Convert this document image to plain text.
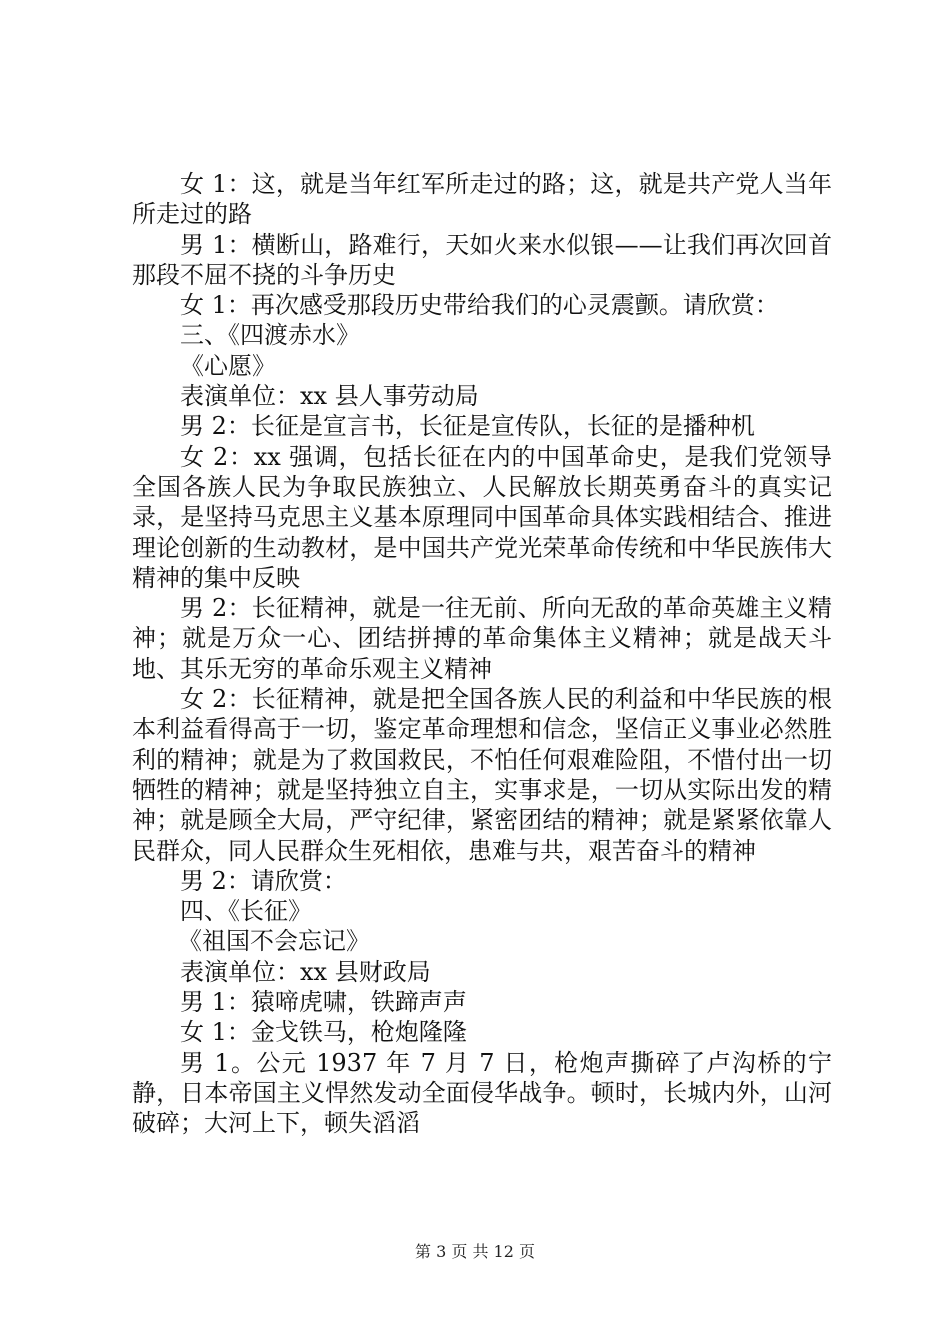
女 1：这，就是当年红军所走过的路；这，就是共产党人当年所走过的路

男 1：横断山，路难行，天如火来水似银——让我们再次回首那段不屈不挠的斗争历史

女 1：再次感受那段历史带给我们的心灵震颤。请欣赏：

三、《四渡赤水》

《心愿》

表演单位：xx 县人事劳动局

男 2：长征是宣言书，长征是宣传队，长征的是播种机

女 2：xx 强调，包括长征在内的中国革命史，是我们党领导全国各族人民为争取民族独立、人民解放长期英勇奋斗的真实记录，是坚持马克思主义基本原理同中国革命具体实践相结合、推进理论创新的生动教材，是中国共产党光荣革命传统和中华民族伟大精神的集中反映

男 2：长征精神，就是一往无前、所向无敌的革命英雄主义精神；就是万众一心、团结拼搏的革命集体主义精神；就是战天斗地、其乐无穷的革命乐观主义精神

女 2：长征精神，就是把全国各族人民的利益和中华民族的根本利益看得高于一切，鉴定革命理想和信念，坚信正义事业必然胜利的精神；就是为了救国救民，不怕任何艰难险阻，不惜付出一切牺牲的精神；就是坚持独立自主，实事求是，一切从实际出发的精神；就是顾全大局，严守纪律，紧密团结的精神；就是紧紧依靠人民群众，同人民群众生死相依，患难与共，艰苦奋斗的精神

男 2：请欣赏：

四、《长征》

《祖国不会忘记》

表演单位：xx 县财政局

男 1：猿啼虎啸，铁蹄声声

女 1：金戈铁马，枪炮隆隆

男 1。公元 1937 年 7 月 7 日，枪炮声撕碎了卢沟桥的宁静，日本帝国主义悍然发动全面侵华战争。顿时，长城内外，山河破碎；大河上下，顿失滔滔

第 3 页 共 12 页
